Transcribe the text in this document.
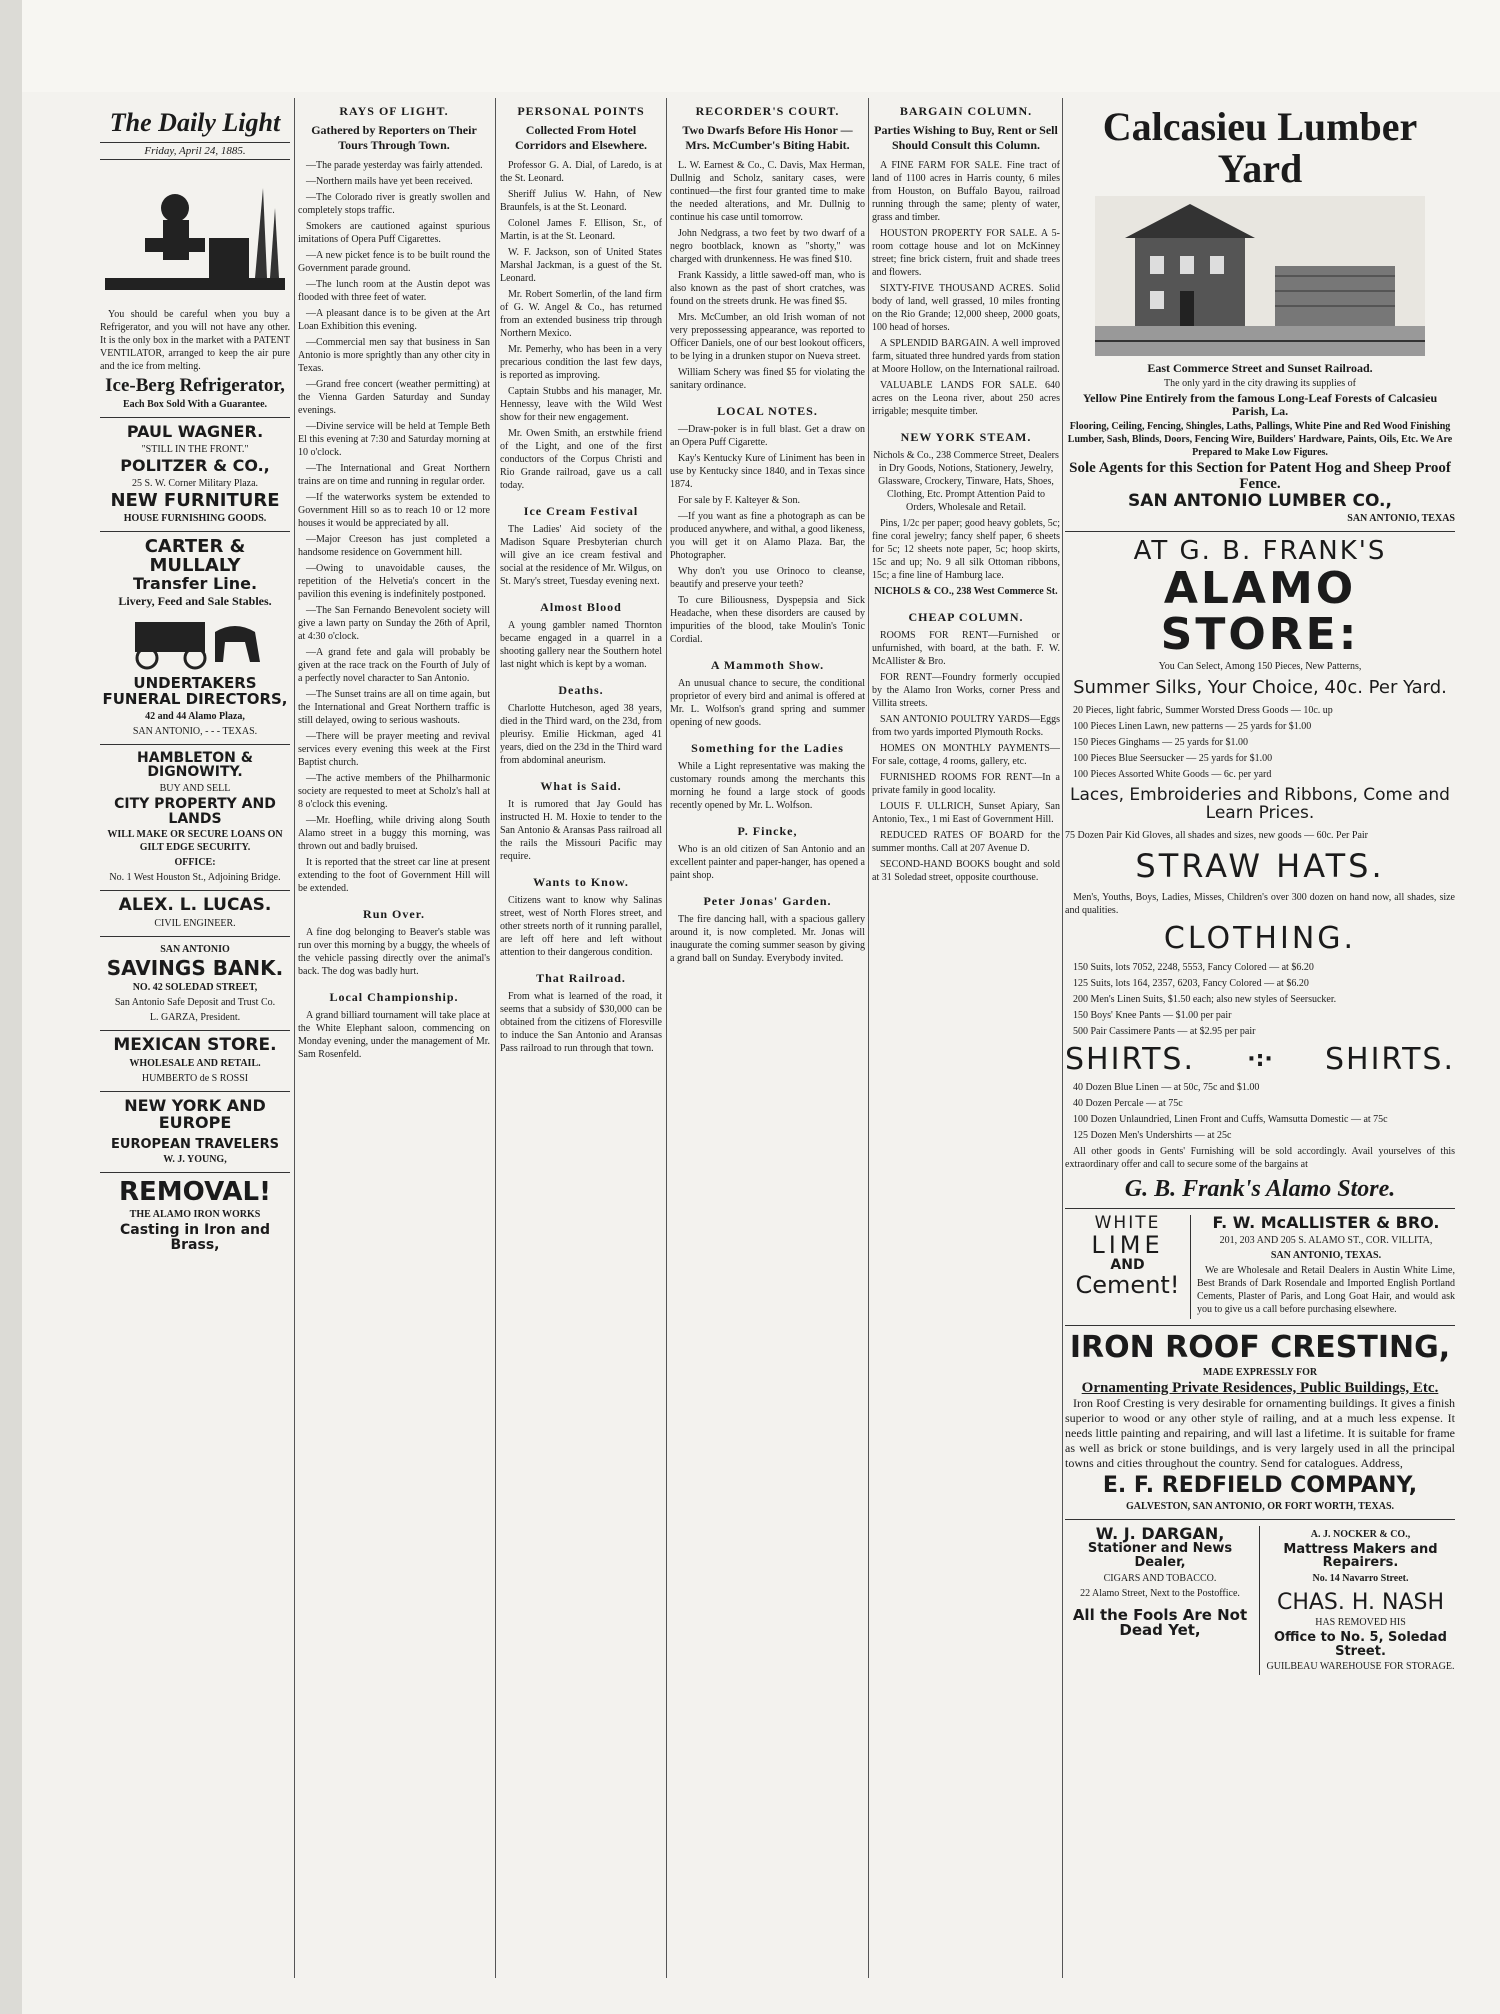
The Daily Light
Friday, April 24, 1885.
You should be careful when you buy a Refrigerator, and you will not have any other. It is the only box in the market with a PATENT VENTILATOR, arranged to keep the air pure and the ice from melting.
Ice-Berg Refrigerator,
Each Box Sold With a Guarantee.
PAUL WAGNER.
"STILL IN THE FRONT."
POLITZER & CO.,
25 S. W. Corner Military Plaza.
NEW FURNITURE
HOUSE FURNISHING GOODS.
CARTER & MULLALY
Transfer Line.
Livery, Feed and Sale Stables.
UNDERTAKERS
FUNERAL DIRECTORS,
42 and 44 Alamo Plaza,
SAN ANTONIO, - - - TEXAS.
HAMBLETON & DIGNOWITY.
BUY AND SELL
CITY PROPERTY AND LANDS
WILL MAKE OR SECURE LOANS ON GILT EDGE SECURITY.
OFFICE:
No. 1 West Houston St., Adjoining Bridge.
ALEX. L. LUCAS.
CIVIL ENGINEER.
SAN ANTONIO
SAVINGS BANK.
NO. 42 SOLEDAD STREET,
San Antonio Safe Deposit and Trust Co.
L. GARZA, President.
MEXICAN STORE.
WHOLESALE AND RETAIL.
HUMBERTO de S ROSSI
NEW YORK AND EUROPE
EUROPEAN TRAVELERS
W. J. YOUNG,
REMOVAL!
THE ALAMO IRON WORKS
Casting in Iron and Brass,
RAYS OF LIGHT.
Gathered by Reporters on Their Tours Through Town.
—The parade yesterday was fairly attended.
—Northern mails have yet been received.
—The Colorado river is greatly swollen and completely stops traffic.
Smokers are cautioned against spurious imitations of Opera Puff Cigarettes.
—A new picket fence is to be built round the Government parade ground.
—The lunch room at the Austin depot was flooded with three feet of water.
—A pleasant dance is to be given at the Art Loan Exhibition this evening.
—Commercial men say that business in San Antonio is more sprightly than any other city in Texas.
—Grand free concert (weather permitting) at the Vienna Garden Saturday and Sunday evenings.
—Divine service will be held at Temple Beth El this evening at 7:30 and Saturday morning at 10 o'clock.
—The International and Great Northern trains are on time and running in regular order.
—If the waterworks system be extended to Government Hill so as to reach 10 or 12 more houses it would be appreciated by all.
—Major Creeson has just completed a handsome residence on Government hill.
—Owing to unavoidable causes, the repetition of the Helvetia's concert in the pavilion this evening is indefinitely postponed.
—The San Fernando Benevolent society will give a lawn party on Sunday the 26th of April, at 4:30 o'clock.
—A grand fete and gala will probably be given at the race track on the Fourth of July of a perfectly novel character to San Antonio.
—The Sunset trains are all on time again, but the International and Great Northern traffic is still delayed, owing to serious washouts.
—There will be prayer meeting and revival services every evening this week at the First Baptist church.
—The active members of the Philharmonic society are requested to meet at Scholz's hall at 8 o'clock this evening.
—Mr. Hoefling, while driving along South Alamo street in a buggy this morning, was thrown out and badly bruised.
It is reported that the street car line at present extending to the foot of Government Hill will be extended.
Run Over.
A fine dog belonging to Beaver's stable was run over this morning by a buggy, the wheels of the vehicle passing directly over the animal's back. The dog was badly hurt.
Local Championship.
A grand billiard tournament will take place at the White Elephant saloon, commencing on Monday evening, under the management of Mr. Sam Rosenfeld.
PERSONAL POINTS
Collected From Hotel Corridors and Elsewhere.
Professor G. A. Dial, of Laredo, is at the St. Leonard.
Sheriff Julius W. Hahn, of New Braunfels, is at the St. Leonard.
Colonel James F. Ellison, Sr., of Martin, is at the St. Leonard.
W. F. Jackson, son of United States Marshal Jackman, is a guest of the St. Leonard.
Mr. Robert Somerlin, of the land firm of G. W. Angel & Co., has returned from an extended business trip through Northern Mexico.
Mr. Pemerhy, who has been in a very precarious condition the last few days, is reported as improving.
Captain Stubbs and his manager, Mr. Hennessy, leave with the Wild West show for their new engagement.
Mr. Owen Smith, an erstwhile friend of the Light, and one of the first conductors of the Corpus Christi and Rio Grande railroad, gave us a call today.
Ice Cream Festival
The Ladies' Aid society of the Madison Square Presbyterian church will give an ice cream festival and social at the residence of Mr. Wilgus, on St. Mary's street, Tuesday evening next.
Almost Blood
A young gambler named Thornton became engaged in a quarrel in a shooting gallery near the Southern hotel last night which is kept by a woman.
Deaths.
Charlotte Hutcheson, aged 38 years, died in the Third ward, on the 23d, from pleurisy. Emilie Hickman, aged 41 years, died on the 23d in the Third ward from abdominal aneurism.
What is Said.
It is rumored that Jay Gould has instructed H. M. Hoxie to tender to the San Antonio & Aransas Pass railroad all the rails the Missouri Pacific may require.
Wants to Know.
Citizens want to know why Salinas street, west of North Flores street, and other streets north of it running parallel, are left off here and left without attention to their dangerous condition.
That Railroad.
From what is learned of the road, it seems that a subsidy of $30,000 can be obtained from the citizens of Floresville to induce the San Antonio and Aransas Pass railroad to run through that town.
RECORDER'S COURT.
Two Dwarfs Before His Honor — Mrs. McCumber's Biting Habit.
L. W. Earnest & Co., C. Davis, Max Herman, Dullnig and Scholz, sanitary cases, were continued—the first four granted time to make the needed alterations, and Mr. Dullnig to continue his case until tomorrow.
John Nedgrass, a two feet by two dwarf of a negro bootblack, known as "shorty," was charged with drunkenness. He was fined $10.
Frank Kassidy, a little sawed-off man, who is also known as the past of short cratches, was found on the streets drunk. He was fined $5.
Mrs. McCumber, an old Irish woman of not very prepossessing appearance, was reported to Officer Daniels, one of our best lookout officers, to be lying in a drunken stupor on Nueva street.
William Schery was fined $5 for violating the sanitary ordinance.
LOCAL NOTES.
—Draw-poker is in full blast. Get a draw on an Opera Puff Cigarette.
Kay's Kentucky Kure of Liniment has been in use by Kentucky since 1840, and in Texas since 1874.
For sale by F. Kalteyer & Son.
—If you want as fine a photograph as can be produced anywhere, and withal, a good likeness, you will get it on Alamo Plaza. Bar, the Photographer.
Why don't you use Orinoco to cleanse, beautify and preserve your teeth?
To cure Biliousness, Dyspepsia and Sick Headache, when these disorders are caused by impurities of the blood, take Moulin's Tonic Cordial.
A Mammoth Show.
An unusual chance to secure, the conditional proprietor of every bird and animal is offered at Mr. L. Wolfson's grand spring and summer opening of new goods.
Something for the Ladies
While a Light representative was making the customary rounds among the merchants this morning he found a large stock of goods recently opened by Mr. L. Wolfson.
P. Fincke,
Who is an old citizen of San Antonio and an excellent painter and paper-hanger, has opened a paint shop.
Peter Jonas' Garden.
The fire dancing hall, with a spacious gallery around it, is now completed. Mr. Jonas will inaugurate the coming summer season by giving a grand ball on Sunday. Everybody invited.
BARGAIN COLUMN.
Parties Wishing to Buy, Rent or Sell Should Consult this Column.
A FINE FARM FOR SALE. Fine tract of land of 1100 acres in Harris county, 6 miles from Houston, on Buffalo Bayou, railroad running through the same; plenty of water, grass and timber.
HOUSTON PROPERTY FOR SALE. A 5-room cottage house and lot on McKinney street; fine brick cistern, fruit and shade trees and flowers.
SIXTY-FIVE THOUSAND ACRES. Solid body of land, well grassed, 10 miles fronting on the Rio Grande; 12,000 sheep, 2000 goats, 100 head of horses.
A SPLENDID BARGAIN. A well improved farm, situated three hundred yards from station at Moore Hollow, on the International railroad.
VALUABLE LANDS FOR SALE. 640 acres on the Leona river, about 250 acres irrigable; mesquite timber.
NEW YORK STEAM.
Nichols & Co., 238 Commerce Street, Dealers in Dry Goods, Notions, Stationery, Jewelry, Glassware, Crockery, Tinware, Hats, Shoes, Clothing, Etc. Prompt Attention Paid to Orders, Wholesale and Retail.
Pins, 1/2c per paper; good heavy goblets, 5c; fine coral jewelry; fancy shelf paper, 6 sheets for 5c; 12 sheets note paper, 5c; hoop skirts, 15c and up; No. 9 all silk Ottoman ribbons, 15c; a fine line of Hamburg lace.
NICHOLS & CO., 238 West Commerce St.
CHEAP COLUMN.
ROOMS FOR RENT—Furnished or unfurnished, with board, at the bath. F. W. McAllister & Bro.
FOR RENT—Foundry formerly occupied by the Alamo Iron Works, corner Press and Villita streets.
SAN ANTONIO POULTRY YARDS—Eggs from two yards imported Plymouth Rocks.
HOMES ON MONTHLY PAYMENTS—For sale, cottage, 4 rooms, gallery, etc.
FURNISHED ROOMS FOR RENT—In a private family in good locality.
LOUIS F. ULLRICH, Sunset Apiary, San Antonio, Tex., 1 mi East of Government Hill.
REDUCED RATES OF BOARD for the summer months. Call at 207 Avenue D.
SECOND-HAND BOOKS bought and sold at 31 Soledad street, opposite courthouse.
Calcasieu Lumber Yard
East Commerce Street and Sunset Railroad.
The only yard in the city drawing its supplies of
Yellow Pine Entirely from the famous Long-Leaf Forests of Calcasieu Parish, La.
Flooring, Ceiling, Fencing, Shingles, Laths, Pallings, White Pine and Red Wood Finishing Lumber, Sash, Blinds, Doors, Fencing Wire, Builders' Hardware, Paints, Oils, Etc. We Are Prepared to Make Low Figures.
Sole Agents for this Section for Patent Hog and Sheep Proof Fence.
SAN ANTONIO LUMBER CO.,
SAN ANTONIO, TEXAS
AT G. B. FRANK'S
ALAMO STORE:
You Can Select, Among 150 Pieces, New Patterns,
Summer Silks, Your Choice, 40c. Per Yard.
20 Pieces, light fabric, Summer Worsted Dress Goods — 10c. up
100 Pieces Linen Lawn, new patterns — 25 yards for $1.00
150 Pieces Ginghams — 25 yards for $1.00
100 Pieces Blue Seersucker — 25 yards for $1.00
100 Pieces Assorted White Goods — 6c. per yard
Laces, Embroideries and Ribbons, Come and Learn Prices.
75 Dozen Pair Kid Gloves, all shades and sizes, new goods — 60c. Per Pair
STRAW HATS.
Men's, Youths, Boys, Ladies, Misses, Children's over 300 dozen on hand now, all shades, size and qualities.
CLOTHING.
150 Suits, lots 7052, 2248, 5553, Fancy Colored — at $6.20
125 Suits, lots 164, 2357, 6203, Fancy Colored — at $6.20
200 Men's Linen Suits, $1.50 each; also new styles of Seersucker.
150 Boys' Knee Pants — $1.00 per pair
500 Pair Cassimere Pants — at $2.95 per pair
SHIRTS. ·:· SHIRTS.
40 Dozen Blue Linen — at 50c, 75c and $1.00
40 Dozen Percale — at 75c
100 Dozen Unlaundried, Linen Front and Cuffs, Wamsutta Domestic — at 75c
125 Dozen Men's Undershirts — at 25c
All other goods in Gents' Furnishing will be sold accordingly. Avail yourselves of this extraordinary offer and call to secure some of the bargains at
G. B. Frank's Alamo Store.
WHITE
LIME
AND
Cement!
F. W. McALLISTER & BRO.
201, 203 AND 205 S. ALAMO ST., COR. VILLITA,
SAN ANTONIO, TEXAS.
We are Wholesale and Retail Dealers in Austin White Lime, Best Brands of Dark Rosendale and Imported English Portland Cements, Plaster of Paris, and Long Goat Hair, and would ask you to give us a call before purchasing elsewhere.
IRON ROOF CRESTING,
MADE EXPRESSLY FOR
Ornamenting Private Residences, Public Buildings, Etc.
Iron Roof Cresting is very desirable for ornamenting buildings. It gives a finish superior to wood or any other style of railing, and at a much less expense. It needs little painting and repairing, and will last a lifetime. It is suitable for frame as well as brick or stone buildings, and is very largely used in all the principal towns and cities throughout the country. Send for catalogues. Address,
E. F. REDFIELD COMPANY,
GALVESTON, SAN ANTONIO, OR FORT WORTH, TEXAS.
W. J. DARGAN,
Stationer and News Dealer,
CIGARS AND TOBACCO.
22 Alamo Street, Next to the Postoffice.
All the Fools Are Not
Dead Yet,
A. J. NOCKER & CO.,
Mattress Makers and Repairers.
No. 14 Navarro Street.
CHAS. H. NASH
HAS REMOVED HIS
Office to No. 5, Soledad Street.
GUILBEAU WAREHOUSE FOR STORAGE.
